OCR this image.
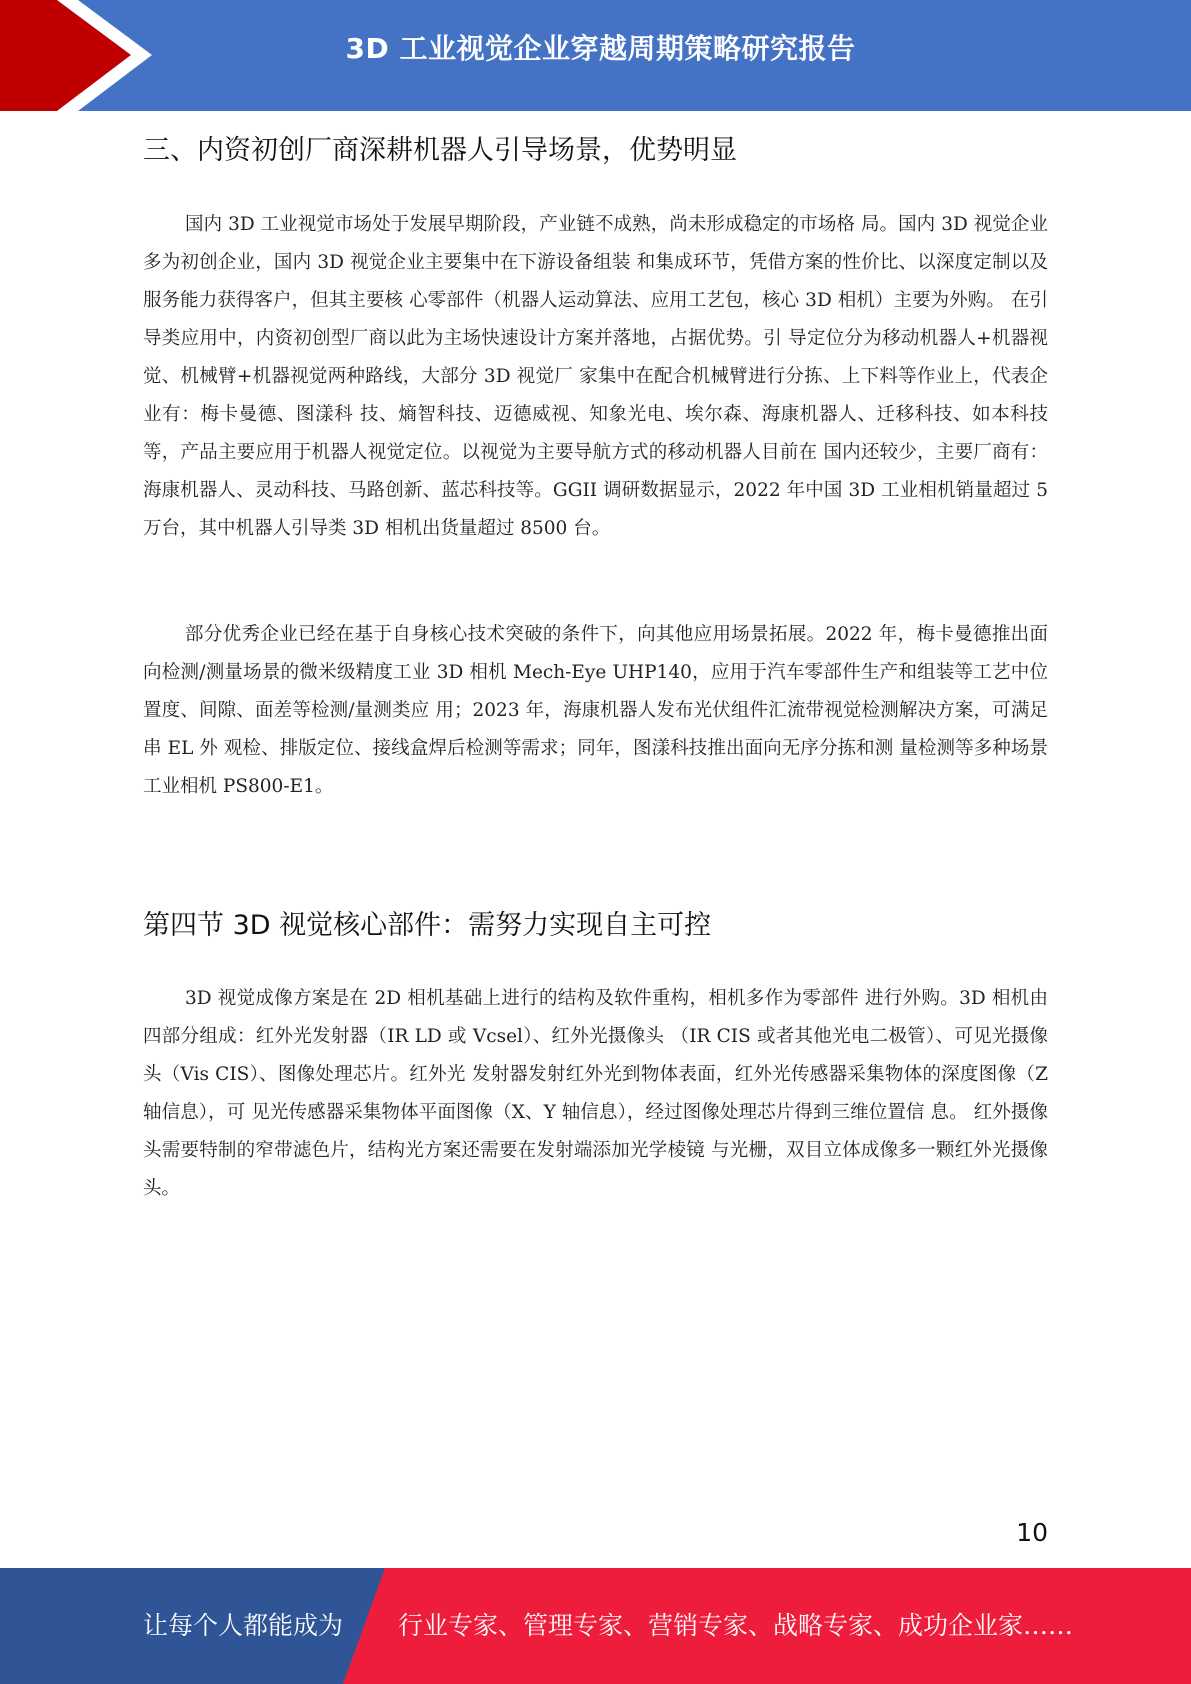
3D 工业视觉企业穿越周期策略研究报告
三、内资初创厂商深耕机器人引导场景，优势明显

国内 3D 工业视觉市场处于发展早期阶段，产业链不成熟，尚未形成稳定的市场格 局。国内 3D 视觉企业多为初创企业，国内 3D 视觉企业主要集中在下游设备组装 和集成环节，凭借方案的性价比、以深度定制以及服务能力获得客户，但其主要核 心零部件（机器人运动算法、应用工艺包，核心 3D 相机）主要为外购。 在引导类应用中，内资初创型厂商以此为主场快速设计方案并落地，占据优势。引 导定位分为移动机器人+机器视觉、机械臂+机器视觉两种路线，大部分 3D 视觉厂 家集中在配合机械臂进行分拣、上下料等作业上，代表企业有：梅卡曼德、图漾科 技、熵智科技、迈德威视、知象光电、埃尔森、海康机器人、迁移科技、如本科技 等，产品主要应用于机器人视觉定位。以视觉为主要导航方式的移动机器人目前在 国内还较少，主要厂商有：海康机器人、灵动科技、马路创新、蓝芯科技等。GGII 调研数据显示，2022 年中国 3D 工业相机销量超过 5 万台，其中机器人引导类 3D 相机出货量超过 8500 台。

部分优秀企业已经在基于自身核心技术突破的条件下，向其他应用场景拓展。2022 年，梅卡曼德推出面向检测/测量场景的微米级精度工业 3D 相机 Mech-Eye UHP140，应用于汽车零部件生产和组装等工艺中位置度、间隙、面差等检测/量测类应 用；2023 年，海康机器人发布光伏组件汇流带视觉检测解决方案，可满足串 EL 外 观检、排版定位、接线盒焊后检测等需求；同年，图漾科技推出面向无序分拣和测 量检测等多种场景工业相机 PS800-E1。

第四节 3D 视觉核心部件：需努力实现自主可控

3D 视觉成像方案是在 2D 相机基础上进行的结构及软件重构，相机多作为零部件 进行外购。3D 相机由四部分组成：红外光发射器（IR LD 或 Vcsel）、红外光摄像头 （IR CIS 或者其他光电二极管）、可见光摄像头（Vis CIS）、图像处理芯片。红外光 发射器发射红外光到物体表面，红外光传感器采集物体的深度图像（Z 轴信息），可 见光传感器采集物体平面图像（X、Y 轴信息），经过图像处理芯片得到三维位置信 息。 红外摄像头需要特制的窄带滤色片，结构光方案还需要在发射端添加光学棱镜 与光栅，双目立体成像多一颗红外光摄像头。

10
让每个人都能成为 行业专家、管理专家、营销专家、战略专家、成功企业家……
